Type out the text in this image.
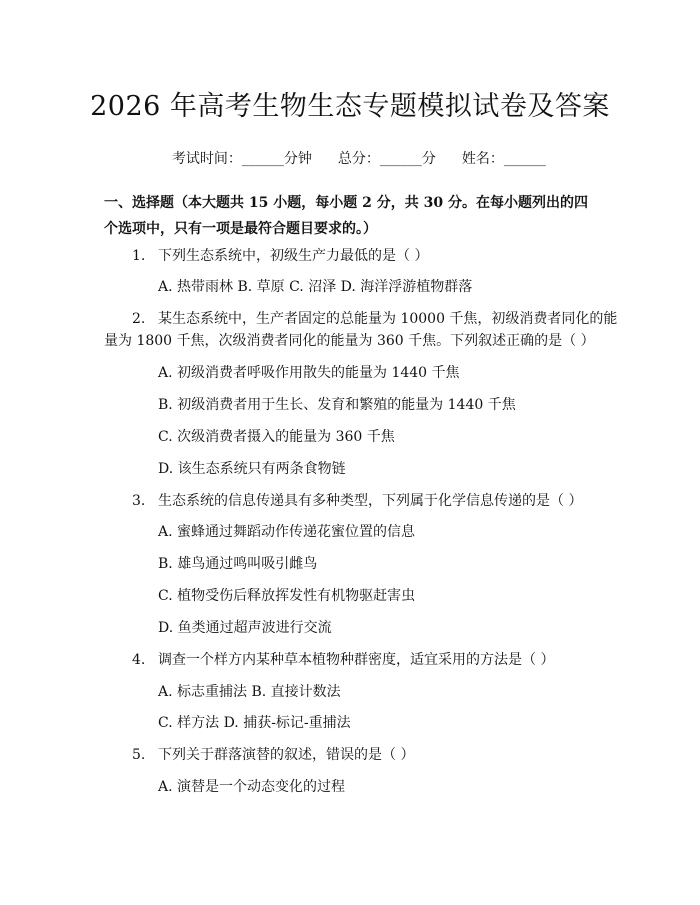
2026 年高考生物生态专题模拟试卷及答案

考试时间：______分钟 总分：______分 姓名：______

一、选择题（本大题共 15 小题，每小题 2 分，共 30 分。在每小题列出的四个选项中，只有一项是最符合题目要求的。）
1. 下列生态系统中，初级生产力最低的是（ ）
A. 热带雨林 B. 草原 C. 沼泽 D. 海洋浮游植物群落
2. 某生态系统中，生产者固定的总能量为 10000 千焦，初级消费者同化的能
量为 1800 千焦，次级消费者同化的能量为 360 千焦。下列叙述正确的是（ ）
A. 初级消费者呼吸作用散失的能量为 1440 千焦
B. 初级消费者用于生长、发育和繁殖的能量为 1440 千焦
C. 次级消费者摄入的能量为 360 千焦
D. 该生态系统只有两条食物链
3. 生态系统的信息传递具有多种类型，下列属于化学信息传递的是（ ）
A. 蜜蜂通过舞蹈动作传递花蜜位置的信息
B. 雄鸟通过鸣叫吸引雌鸟
C. 植物受伤后释放挥发性有机物驱赶害虫
D. 鱼类通过超声波进行交流
4. 调查一个样方内某种草本植物种群密度，适宜采用的方法是（ ）
A. 标志重捕法 B. 直接计数法
C. 样方法 D. 捕获-标记-重捕法
5. 下列关于群落演替的叙述，错误的是（ ）
A. 演替是一个动态变化的过程
